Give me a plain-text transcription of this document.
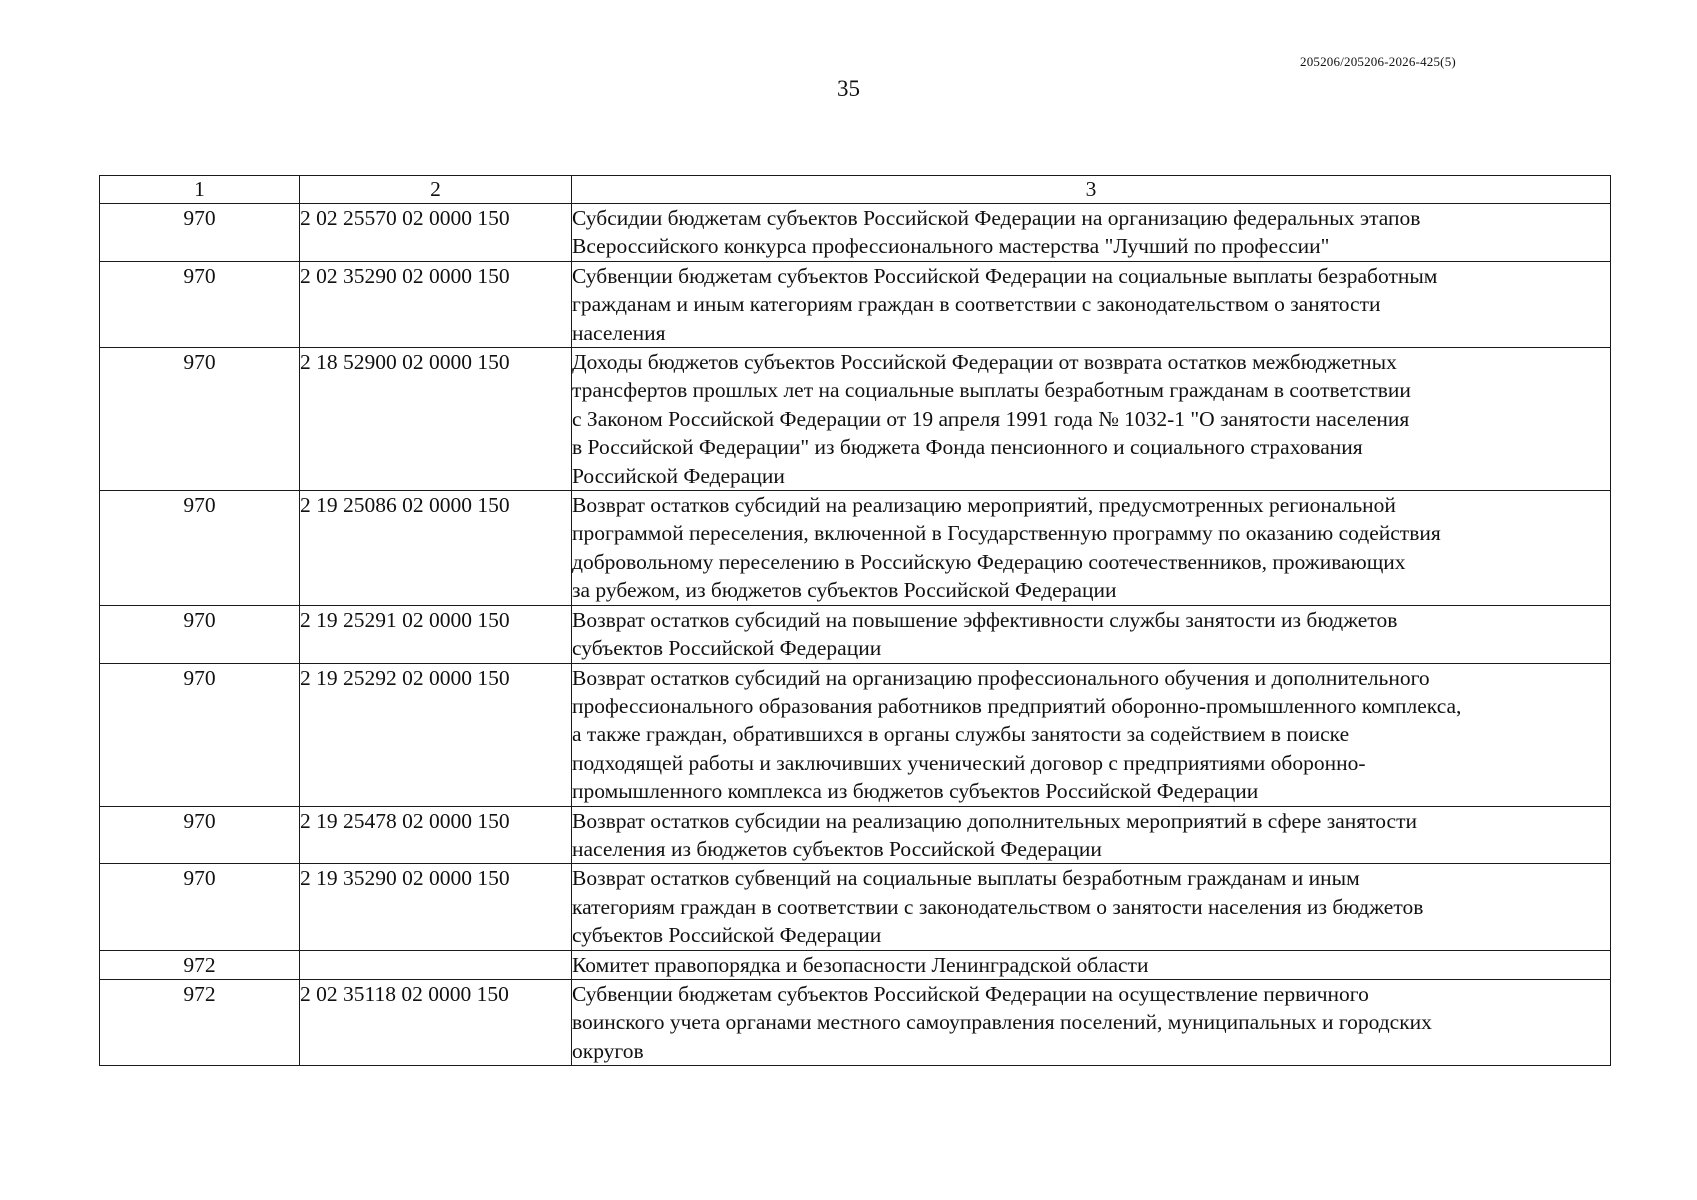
205206/205206-2026-425(5)
35
1	2	3
970	2 02 25570 02 0000 150	Субсидии бюджетам субъектов Российской Федерации на организацию федеральных этапов
Всероссийского конкурса профессионального мастерства "Лучший по профессии"
970	2 02 35290 02 0000 150	Субвенции бюджетам субъектов Российской Федерации на социальные выплаты безработным
гражданам и иным категориям граждан в соответствии с законодательством о занятости
населения
970	2 18 52900 02 0000 150	Доходы бюджетов субъектов Российской Федерации от возврата остатков межбюджетных
трансфертов прошлых лет на социальные выплаты безработным гражданам в соответствии
с Законом Российской Федерации от 19 апреля 1991 года № 1032-1 "О занятости населения
в Российской Федерации" из бюджета Фонда пенсионного и социального страхования
Российской Федерации
970	2 19 25086 02 0000 150	Возврат остатков субсидий на реализацию мероприятий, предусмотренных региональной
программой переселения, включенной в Государственную программу по оказанию содействия
добровольному переселению в Российскую Федерацию соотечественников, проживающих
за рубежом, из бюджетов субъектов Российской Федерации
970	2 19 25291 02 0000 150	Возврат остатков субсидий на повышение эффективности службы занятости из бюджетов
субъектов Российской Федерации
970	2 19 25292 02 0000 150	Возврат остатков субсидий на организацию профессионального обучения и дополнительного
профессионального образования работников предприятий оборонно-промышленного комплекса,
а также граждан, обратившихся в органы службы занятости за содействием в поиске
подходящей работы и заключивших ученический договор с предприятиями оборонно-
промышленного комплекса из бюджетов субъектов Российской Федерации
970	2 19 25478 02 0000 150	Возврат остатков субсидии на реализацию дополнительных мероприятий в сфере занятости
населения из бюджетов субъектов Российской Федерации
970	2 19 35290 02 0000 150	Возврат остатков субвенций на социальные выплаты безработным гражданам и иным
категориям граждан в соответствии с законодательством о занятости населения из бюджетов
субъектов Российской Федерации
972		Комитет правопорядка и безопасности Ленинградской области
972	2 02 35118 02 0000 150	Субвенции бюджетам субъектов Российской Федерации на осуществление первичного
воинского учета органами местного самоуправления поселений, муниципальных и городских
округов
